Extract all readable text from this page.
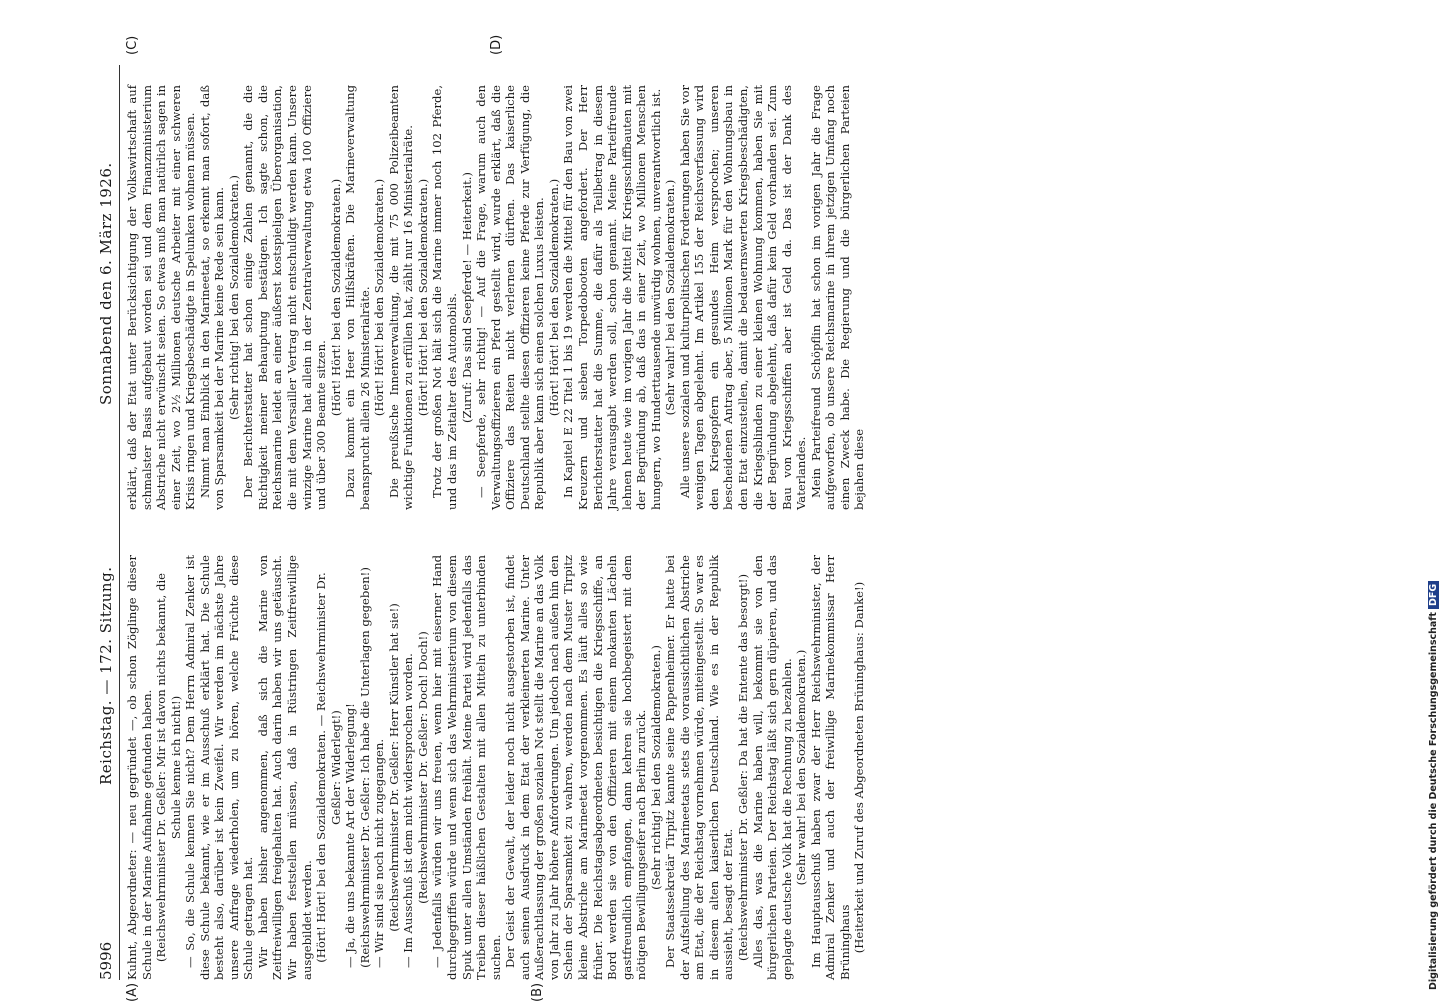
5996
Reichstag. — 172. Sitzung.
Sonnabend den 6. März 1926.
(A)	(B)
(C)	(D)

Kuhnt, Abgeordneter: — neu gegründet —, ob schon Zöglinge dieser Schule in der Marine Aufnahme gefunden haben. (Reichswehrminister Dr. Geßler: Mir ist davon nichts bekannt, die Schule kenne ich nicht!) — So, die Schule kennen Sie nicht? Dem Herrn Admiral Zenker ist diese Schule bekannt, wie er im Ausschuß erklärt hat. Die Schule besteht also, darüber ist kein Zweifel. Wir werden im nächste Jahre unsere Anfrage wiederholen, um zu hören, welche Früchte diese Schule getragen hat. Wir haben bisher angenommen, daß sich die Marine von Zeitfreiwilligen freigehalten hat. Auch darin haben wir uns getäuscht. Wir haben feststellen müssen, daß in Rüstringen Zeitfreiwillige ausgebildet werden. (Hört! Hört! bei den Sozialdemokraten. — Reichswehrminister Dr. Geßler: Widerlegt!) — Ja, die uns bekannte Art der Widerlegung! (Reichswehrminister Dr. Geßler: Ich habe die Unterlagen gegeben!) — Wir sind sie noch nicht zugegangen. (Reichswehrminister Dr. Geßler: Herr Künstler hat sie!) — Im Ausschuß ist dem nicht widersprochen worden. (Reichswehrminister Dr. Geßler: Doch! Doch!) — Jedenfalls würden wir uns freuen, wenn hier mit eiserner Hand durchgegriffen würde und wenn sich das Wehrministerium von diesem Spuk unter allen Umständen freihält. Meine Partei wird jedenfalls das Treiben dieser häßlichen Gestalten mit allen Mitteln zu unterbinden suchen. Der Geist der Gewalt, der leider noch nicht ausgestorben ist, findet auch seinen Ausdruck in dem Etat der verkleinerten Marine. Unter Außerachtlassung der großen sozialen Not stellt die Marine an das Volk von Jahr zu Jahr höhere Anforderungen. Um jedoch nach außen hin den Schein der Sparsamkeit zu wahren, werden nach dem Muster Tirpitz kleine Abstriche am Marineetat vorgenommen. Es läuft alles so wie früher. Die Reichstagsabgeordneten besichtigen die Kriegsschiffe, an Bord werden sie von den Offizieren mit einem mokanten Lächeln gastfreundlich empfangen, dann kehren sie hochbegeistert mit dem nötigen Bewilligungseifer nach Berlin zurück. (Sehr richtig! bei den Sozialdemokraten.) Der Staatssekretär Tirpitz kannte seine Pappenheimer. Er hatte bei der Aufstellung des Marineetats stets die voraussichtlichen Abstriche am Etat, die der Reichstag vornehmen würde, miteingestellt. So war es in diesem alten kaiserlichen Deutschland. Wie es in der Republik aussieht, besagt der Etat. (Reichswehrminister Dr. Geßler: Da hat die Entente das besorgt!) Alles das, was die Marine haben will, bekommt sie von den bürgerlichen Parteien. Der Reichstag läßt sich gern düpieren, und das geplagte deutsche Volk hat die Rechnung zu bezahlen. (Sehr wahr! bei den Sozialdemokraten.) Im Hauptausschuß haben zwar der Herr Reichswehrminister, der Admiral Zenker und auch der freiwillige Marinekommissar Herr Brüninghaus (Heiterkeit und Zuruf des Abgeordneten Brüninghaus: Danke!)

erklärt, daß der Etat unter Berücksichtigung der Volkswirtschaft auf schmalster Basis aufgebaut worden sei und dem Finanzministerium Abstriche nicht erwünscht seien. So etwas muß man natürlich sagen in einer Zeit, wo 2½ Millionen deutsche Arbeiter mit einer schweren Krisis ringen und Kriegsbeschädigte in Spelunken wohnen müssen. Nimmt man Einblick in den Marineetat, so erkennt man sofort, daß von Sparsamkeit bei der Marine keine Rede sein kann. (Sehr richtig! bei den Sozialdemokraten.) Der Berichterstatter hat schon einige Zahlen genannt, die die Richtigkeit meiner Behauptung bestätigen. Ich sagte schon, die Reichsmarine leidet an einer äußerst kostspieligen Überorganisation, die mit dem Versailler Vertrag nicht entschuldigt werden kann. Unsere winzige Marine hat allein in der Zentralverwaltung etwa 100 Offiziere und über 300 Beamte sitzen.

(Hört! Hört! bei den Sozialdemokraten.) Dazu kommt ein Heer von Hilfskräften. Die Marineverwaltung beansprucht allein 26 Ministerialräte. (Hört! Hört! bei den Sozialdemokraten.) Die preußische Innenverwaltung, die mit 75 000 Polizeibeamten wichtige Funktionen zu erfüllen hat, zählt nur 16 Ministerialräte. (Hört! Hört! bei den Sozialdemokraten.) Trotz der großen Not hält sich die Marine immer noch 102 Pferde, und das im Zeitalter des Automobils. (Zuruf: Das sind Seepferde! — Heiterkeit.) — Seepferde, sehr richtig! — Auf die Frage, warum auch den Verwaltungsoffizieren ein Pferd gestellt wird, wurde erklärt, daß die Offiziere das Reiten nicht verlernen dürften. Das kaiserliche Deutschland stellte diesen Offizieren keine Pferde zur Verfügung, die Republik aber kann sich einen solchen Luxus leisten. (Hört! Hört! bei den Sozialdemokraten.) In Kapitel E 22 Titel 1 bis 19 werden die Mittel für den Bau von zwei Kreuzern und sieben Torpedobooten angefordert. Der Herr Berichterstatter hat die Summe, die dafür als Teilbetrag in diesem Jahre verausgabt werden soll, schon genannt. Meine Parteifreunde lehnen heute wie im vorigen Jahr die Mittel für Kriegsschiffbauten mit der Begründung ab, daß das in einer Zeit, wo Millionen Menschen hungern, wo Hunderttausende unwürdig wohnen, unverantwortlich ist. (Sehr wahr! bei den Sozialdemokraten.) Alle unsere sozialen und kulturpolitischen Forderungen haben Sie vor wenigen Tagen abgelehnt. Im Artikel 155 der Reichsverfassung wird den Kriegsopfern ein gesundes Heim versprochen; unseren bescheidenen Antrag aber, 5 Millionen Mark für den Wohnungsbau in den Etat einzustellen, damit die bedauernswerten Kriegsbeschädigten, die Kriegsblinden zu einer kleinen Wohnung kommen, haben Sie mit der Begründung abgelehnt, daß dafür kein Geld vorhanden sei. Zum Bau von Kriegsschiffen aber ist Geld da. Das ist der Dank des Vaterlandes. Mein Parteifreund Schöpflin hat schon im vorigen Jahr die Frage aufgeworfen, ob unsere Reichsmarine in ihrem jetzigen Umfang noch einen Zweck habe. Die Regierung und die bürgerlichen Parteien bejahen diese

Digitalisierung gefördert durch die Deutsche ForschungsgemeinschaftDFG
